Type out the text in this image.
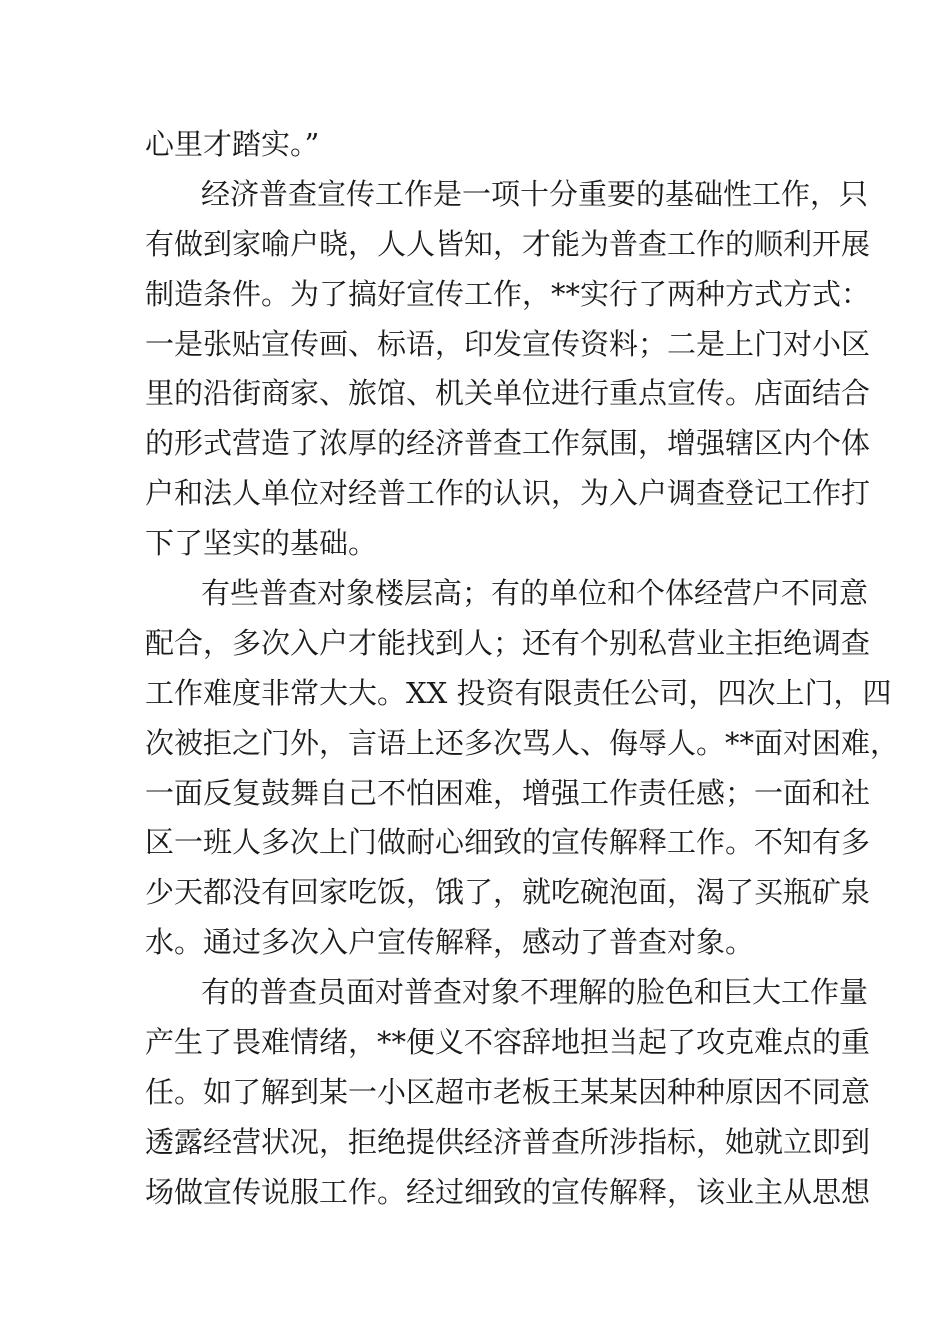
心里才踏实。”
经济普查宣传工作是一项十分重要的基础性工作，只
有做到家喻户晓，人人皆知，才能为普查工作的顺利开展
制造条件。为了搞好宣传工作，**实行了两种方式方式：
一是张贴宣传画、标语，印发宣传资料；二是上门对小区
里的沿街商家、旅馆、机关单位进行重点宣传。店面结合
的形式营造了浓厚的经济普查工作氛围，增强辖区内个体
户和法人单位对经普工作的认识，为入户调查登记工作打
下了坚实的基础。
有些普查对象楼层高；有的单位和个体经营户不同意
配合，多次入户才能找到人；还有个别私营业主拒绝调查
工作难度非常大大。XX 投资有限责任公司，四次上门，四
次被拒之门外，言语上还多次骂人、侮辱人。**面对困难，
一面反复鼓舞自己不怕困难，增强工作责任感；一面和社
区一班人多次上门做耐心细致的宣传解释工作。不知有多
少天都没有回家吃饭，饿了，就吃碗泡面，渴了买瓶矿泉
水。通过多次入户宣传解释，感动了普查对象。
有的普查员面对普查对象不理解的脸色和巨大工作量
产生了畏难情绪，**便义不容辞地担当起了攻克难点的重
任。如了解到某一小区超市老板王某某因种种原因不同意
透露经营状况，拒绝提供经济普查所涉指标，她就立即到
场做宣传说服工作。经过细致的宣传解释，该业主从思想
